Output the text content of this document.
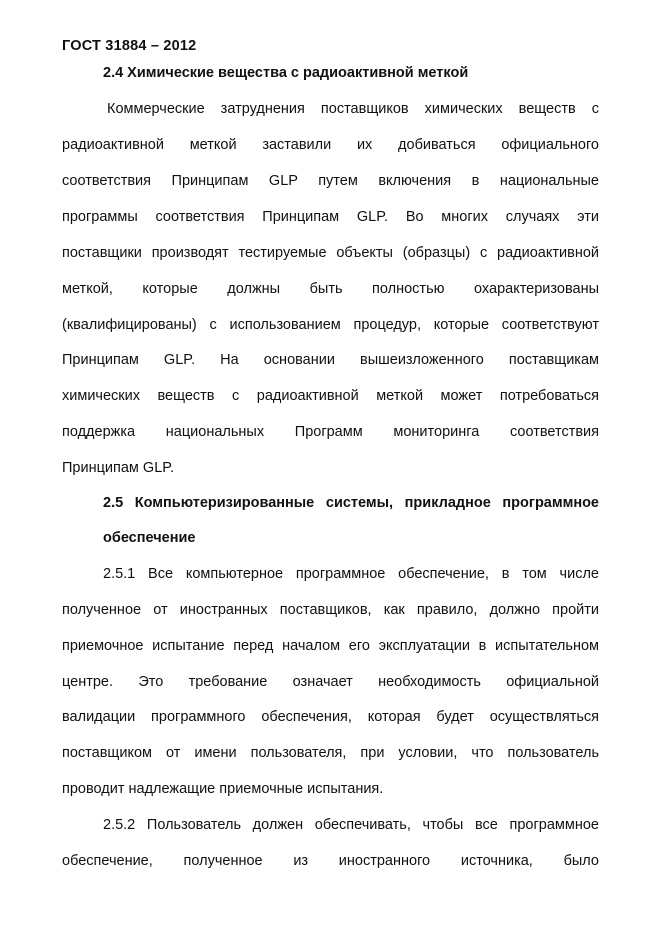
ГОСТ 31884 – 2012
2.4 Химические вещества с радиоактивной меткой
Коммерческие затруднения поставщиков химических веществ с
радиоактивной меткой заставили их добиваться официального
соответствия Принципам GLP путем включения в национальные
программы соответствия Принципам GLP. Во многих случаях эти
поставщики производят тестируемые объекты (образцы) с радиоактивной
меткой, которые должны быть полностью охарактеризованы
(квалифицированы) с использованием процедур, которые соответствуют
Принципам GLP. На основании вышеизложенного поставщикам
химических веществ с радиоактивной меткой может потребоваться
поддержка национальных Программ мониторинга соответствия
Принципам GLP.
2.5 Компьютеризированные системы, прикладное программное
обеспечение
2.5.1 Все компьютерное программное обеспечение, в том числе
полученное от иностранных поставщиков, как правило, должно пройти
приемочное испытание перед началом его эксплуатации в испытательном
центре. Это требование означает необходимость официальной
валидации программного обеспечения, которая будет осуществляться
поставщиком от имени пользователя, при условии, что пользователь
проводит надлежащие приемочные испытания.
2.5.2 Пользователь должен обеспечивать, чтобы все программное
обеспечение, полученное из иностранного источника, было
